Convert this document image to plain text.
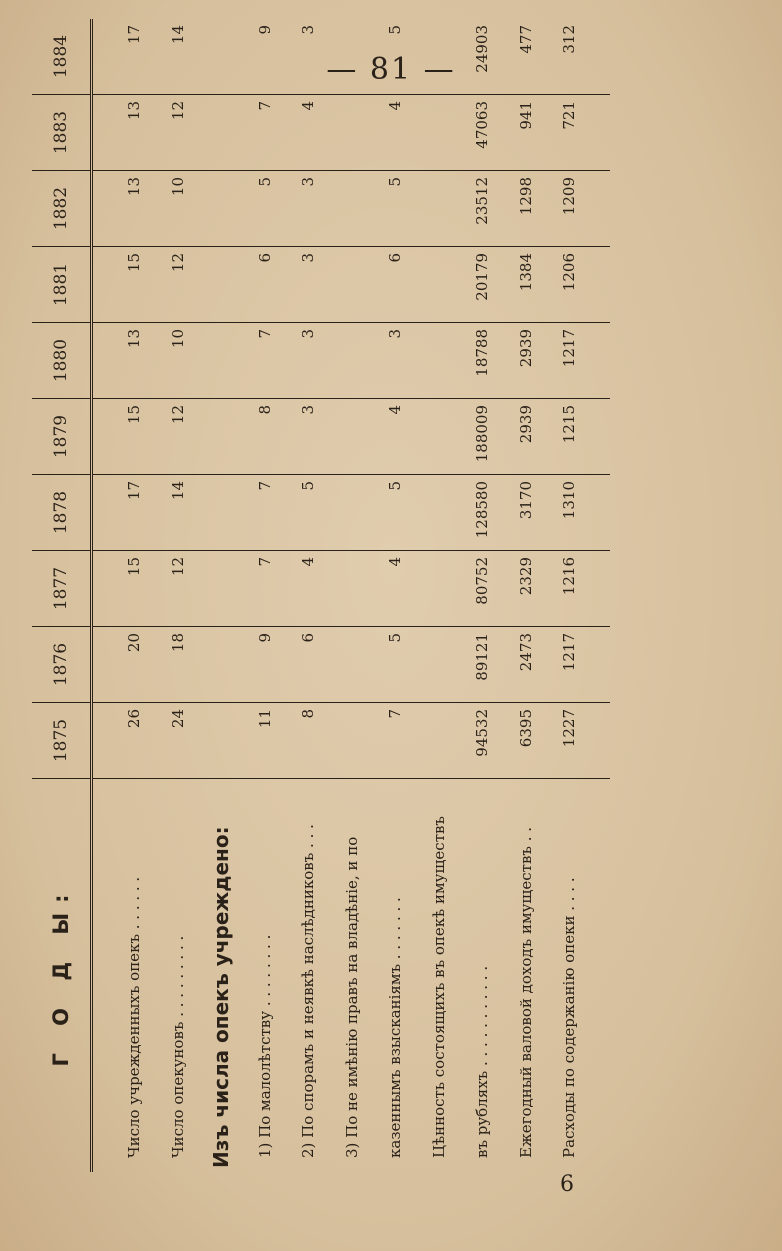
— 81 —
Г О Д Ы:	1875	1876	1877	1878	1879	1880	1881	1882	1883	1884

Число учрежденныхъ опекъ . . . . . .	26	20	15	17	15	13	15	13	13	17
Число опекуновъ . . . . . . . . .	24	18	12	14	12	10	12	10	12	14
Изъ числа опекъ учреждено:										
1) По малолѣтству . . . . . . . .	11	9	7	7	8	7	6	5	7	9
2) По спорамъ и неявкѣ наслѣдниковъ . . .	8	6	4	5	3	3	3	3	4	3
3) По не имѣнію правъ на владѣніе, и по										
казеннымъ взысканіямъ . . . . . . .	7	5	4	5	4	3	6	5	4	5
Цѣнность состоящихъ въ опекѣ имуществъ										
въ рубляхъ . . . . . . . . . . .	94532	89121	80752	128580	188009	18788	20179	23512	47063	24903
Ежегодный валовой доходъ имуществъ . .	6395	2473	2329	3170	2939	2939	1384	1298	941	477
Расходы по содержанію опеки . . . .	1227	1217	1216	1310	1215	1217	1206	1209	721	312

6
